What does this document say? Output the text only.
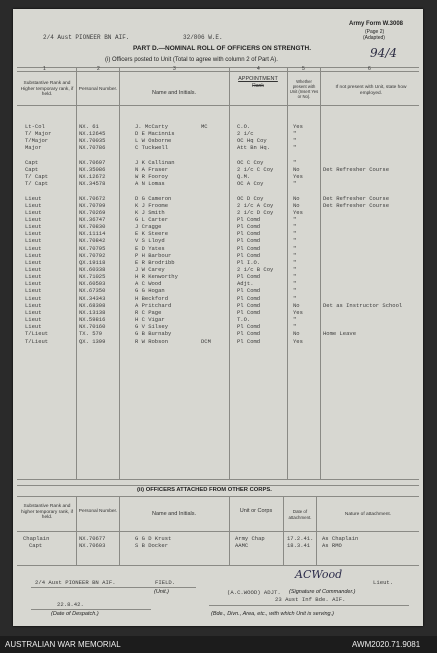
2/4 Aust PIONEER BN AIF.	32/806 W.E.
Army Form W.3008
(Page 2)
(Adapted)
94/4
PART D.—NOMINAL ROLL OF OFFICERS ON STRENGTH.
(i) Officers posted to Unit (Total to agree with column 2 of Part A).
1	2	3	4	5	6
Substantive Rank and Higher temporary rank, if held.
Personal Number.
Name and Initials.
APPOINTMENT
Rank
Whether present with Unit (Insert Yes or No).
If not present with Unit, state how employed.
Lt-Col	NX. 61	J. McCarty	MC	C.O.	Yes
T/ Major	NX.12645	D E Macinnis	2 i/c	"
T/Major	NX.70035	L W Osborne	OC Hq Coy	"
Major	NX.70786	C Tuckwell	Att Bn Hq.	"
Capt	NX.70697	J K Callinan	OC C Coy	"
Capt	NX.35086	N A Fraser	2 i/c C Coy	No	Det Refresher Course
T/ Capt	NX.12672	W R Fooroy	Q.M.	Yes
T/ Capt	NX.34578	A N Lomas	OC A Coy	"
Lieut	NX.70672	D G Cameron	OC D Coy	No	Det Refresher Course
Lieut	NX.70709	K J Froome	2 i/c A Coy	No	Det Refresher Course
Lieut	NX.70269	K J Smith	2 i/c D Coy	Yes
Lieut	NX.36747	G L Carter	Pl Comd	"
Lieut	NX.70830	J Cragge	Pl Comd	"
Lieut	NX.11114	E K Steere	Pl Comd	"
Lieut	NX.70842	V S Lloyd	Pl Comd	"
Lieut	NX.70795	E D Yates	Pl Comd	"
Lieut	NX.70792	P H Barbour	Pl Comd	"
Lieut	QX.19118	E R Brodribb	Pl I.O.	"
Lieut	NX.60338	J W Carey	2 i/c B Coy	"
Lieut	NX.71025	H R Kenworthy	Pl Comd	"
Lieut	NX.60503	A C Wood	Adjt.	"
Lieut	NX.67350	G G Hogan	Pl Comd	"
Lieut	NX.34343	H Beckford	Pl Comd	"
Lieut	NX.68308	A Pritchard	Pl Comd	No	Det as Instructor School
Lieut	NX.13138	R C Page	Pl Comd	Yes
Lieut	NX.59816	H C Vigar	T.O.	"
Lieut	NX.70160	G V Silsey	Pl Comd	"
T/Lieut	TX. 579	G B Burnaby	Pl Comd	No	Home Leave
T/Lieut	QX. 1399	R W Robson	DCM	Pl Comd	Yes
(ii) OFFICERS ATTACHED FROM OTHER CORPS.
Substantive Rank and higher temporary rank, if held.
Personal Number.	Name and Initials.	Unit or Corps	Date of attachment.
Nature of attachment.
Chaplain	NX.70677	G G D Krust	Army Chap	17.2.41. As Chaplain
Capt	NX.70603	S B Docker	AAMC	18.3.41 As RMO
2/4 Aust PIONEER BN AIF.	FIELD.
(Unit.)
ACWood
Lieut.
(A.C.WOOD) ADJT. (Signature of Commander.)
23 Aust Inf Bde. AIF.
22.8.42.
(Date of Despatch.)	(Bde., Divn., Area, etc., with which Unit is serving.)
AUSTRALIAN WAR MEMORIAL	AWM2020.71.9081
